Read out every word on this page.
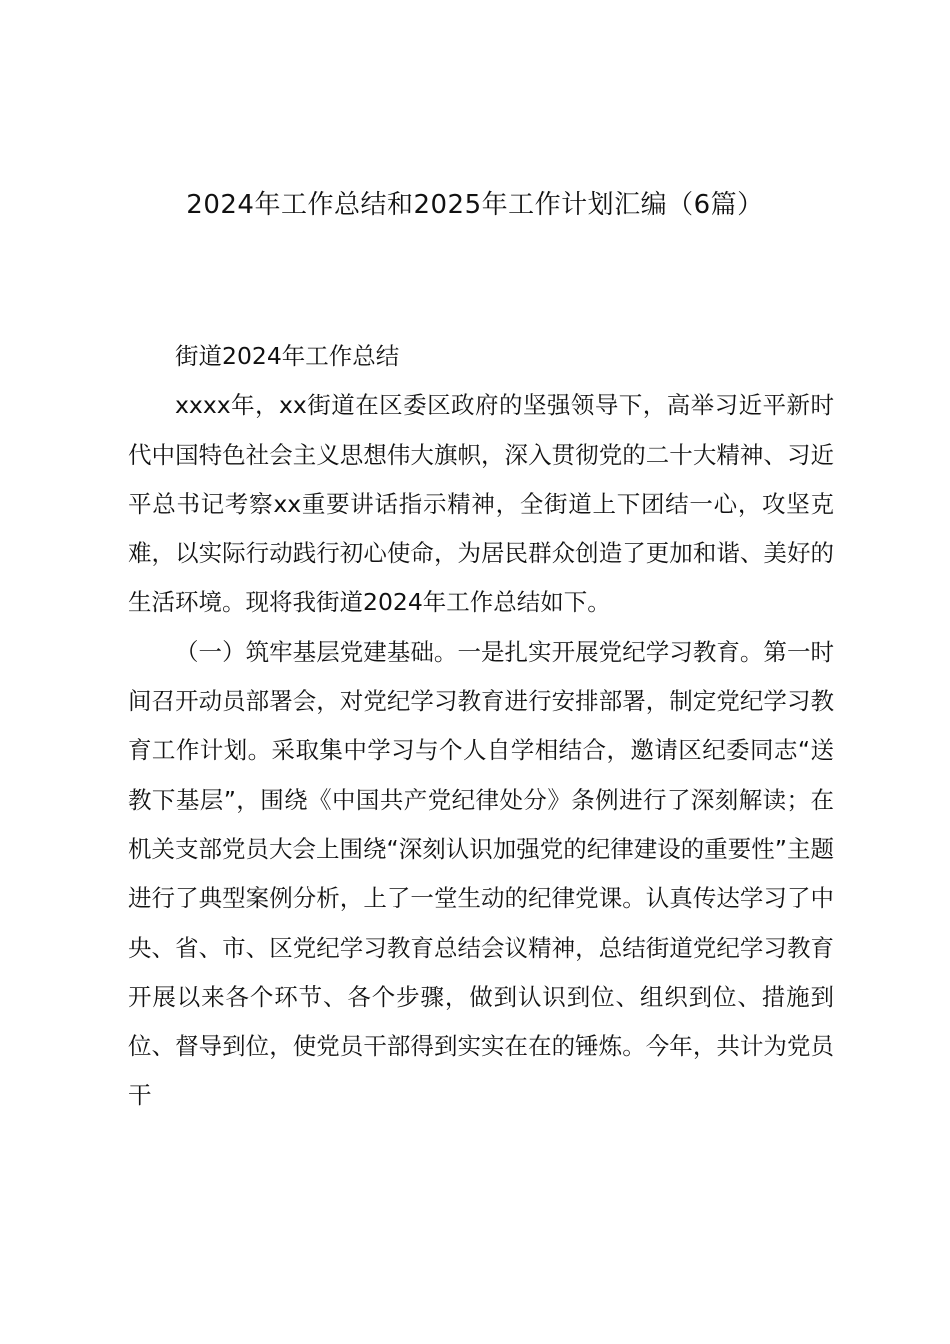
2024年工作总结和2025年工作计划汇编（6篇）

街道2024年工作总结

xxxx年，xx街道在区委区政府的坚强领导下，高举习近平新时代中国特色社会主义思想伟大旗帜，深入贯彻党的二十大精神、习近平总书记考察xx重要讲话指示精神，全街道上下团结一心，攻坚克难，以实际行动践行初心使命，为居民群众创造了更加和谐、美好的生活环境。现将我街道2024年工作总结如下。

（一）筑牢基层党建基础。一是扎实开展党纪学习教育。第一时间召开动员部署会，对党纪学习教育进行安排部署，制定党纪学习教育工作计划。采取集中学习与个人自学相结合，邀请区纪委同志“送教下基层”，围绕《中国共产党纪律处分》条例进行了深刻解读；在机关支部党员大会上围绕“深刻认识加强党的纪律建设的重要性”主题进行了典型案例分析，上了一堂生动的纪律党课。认真传达学习了中央、省、市、区党纪学习教育总结会议精神，总结街道党纪学习教育开展以来各个环节、各个步骤，做到认识到位、组织到位、措施到位、督导到位，使党员干部得到实实在在的锤炼。今年，共计为党员干
